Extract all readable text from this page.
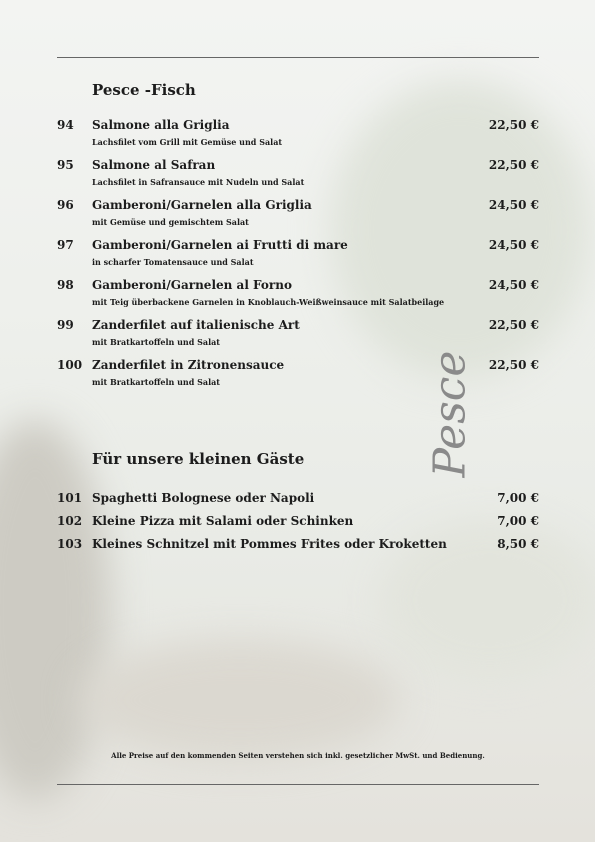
Pesce -Fisch
94 Salmone alla Griglia	22,50 €
Lachsfilet vom Grill mit Gemüse und Salat
95 Salmone al Safran	22,50 €
Lachsfilet in Safransauce mit Nudeln und Salat
96 Gamberoni/Garnelen alla Griglia	24,50 €
mit Gemüse und gemischtem Salat
97 Gamberoni/Garnelen ai Frutti di mare	24,50 €
in scharfer Tomatensauce und Salat
98 Gamberoni/Garnelen al Forno	24,50 €
mit Teig überbackene Garnelen in Knoblauch-Weißweinsauce mit Salatbeilage
99 Zanderfilet auf italienische Art	22,50 €
mit Bratkartoffeln und Salat
100 Zanderfilet in Zitronensauce	22,50 €
mit Bratkartoffeln und Salat	Pesce
Für unsere kleinen Gäste
101 Spaghetti Bolognese oder Napoli	7,00 €
102 Kleine Pizza mit Salami oder Schinken	7,00 €
103 Kleines Schnitzel mit Pommes Frites oder Kroketten	8,50 €

Alle Preise auf den kommenden Seiten verstehen sich inkl. gesetzlicher MwSt. und Bedienung.
